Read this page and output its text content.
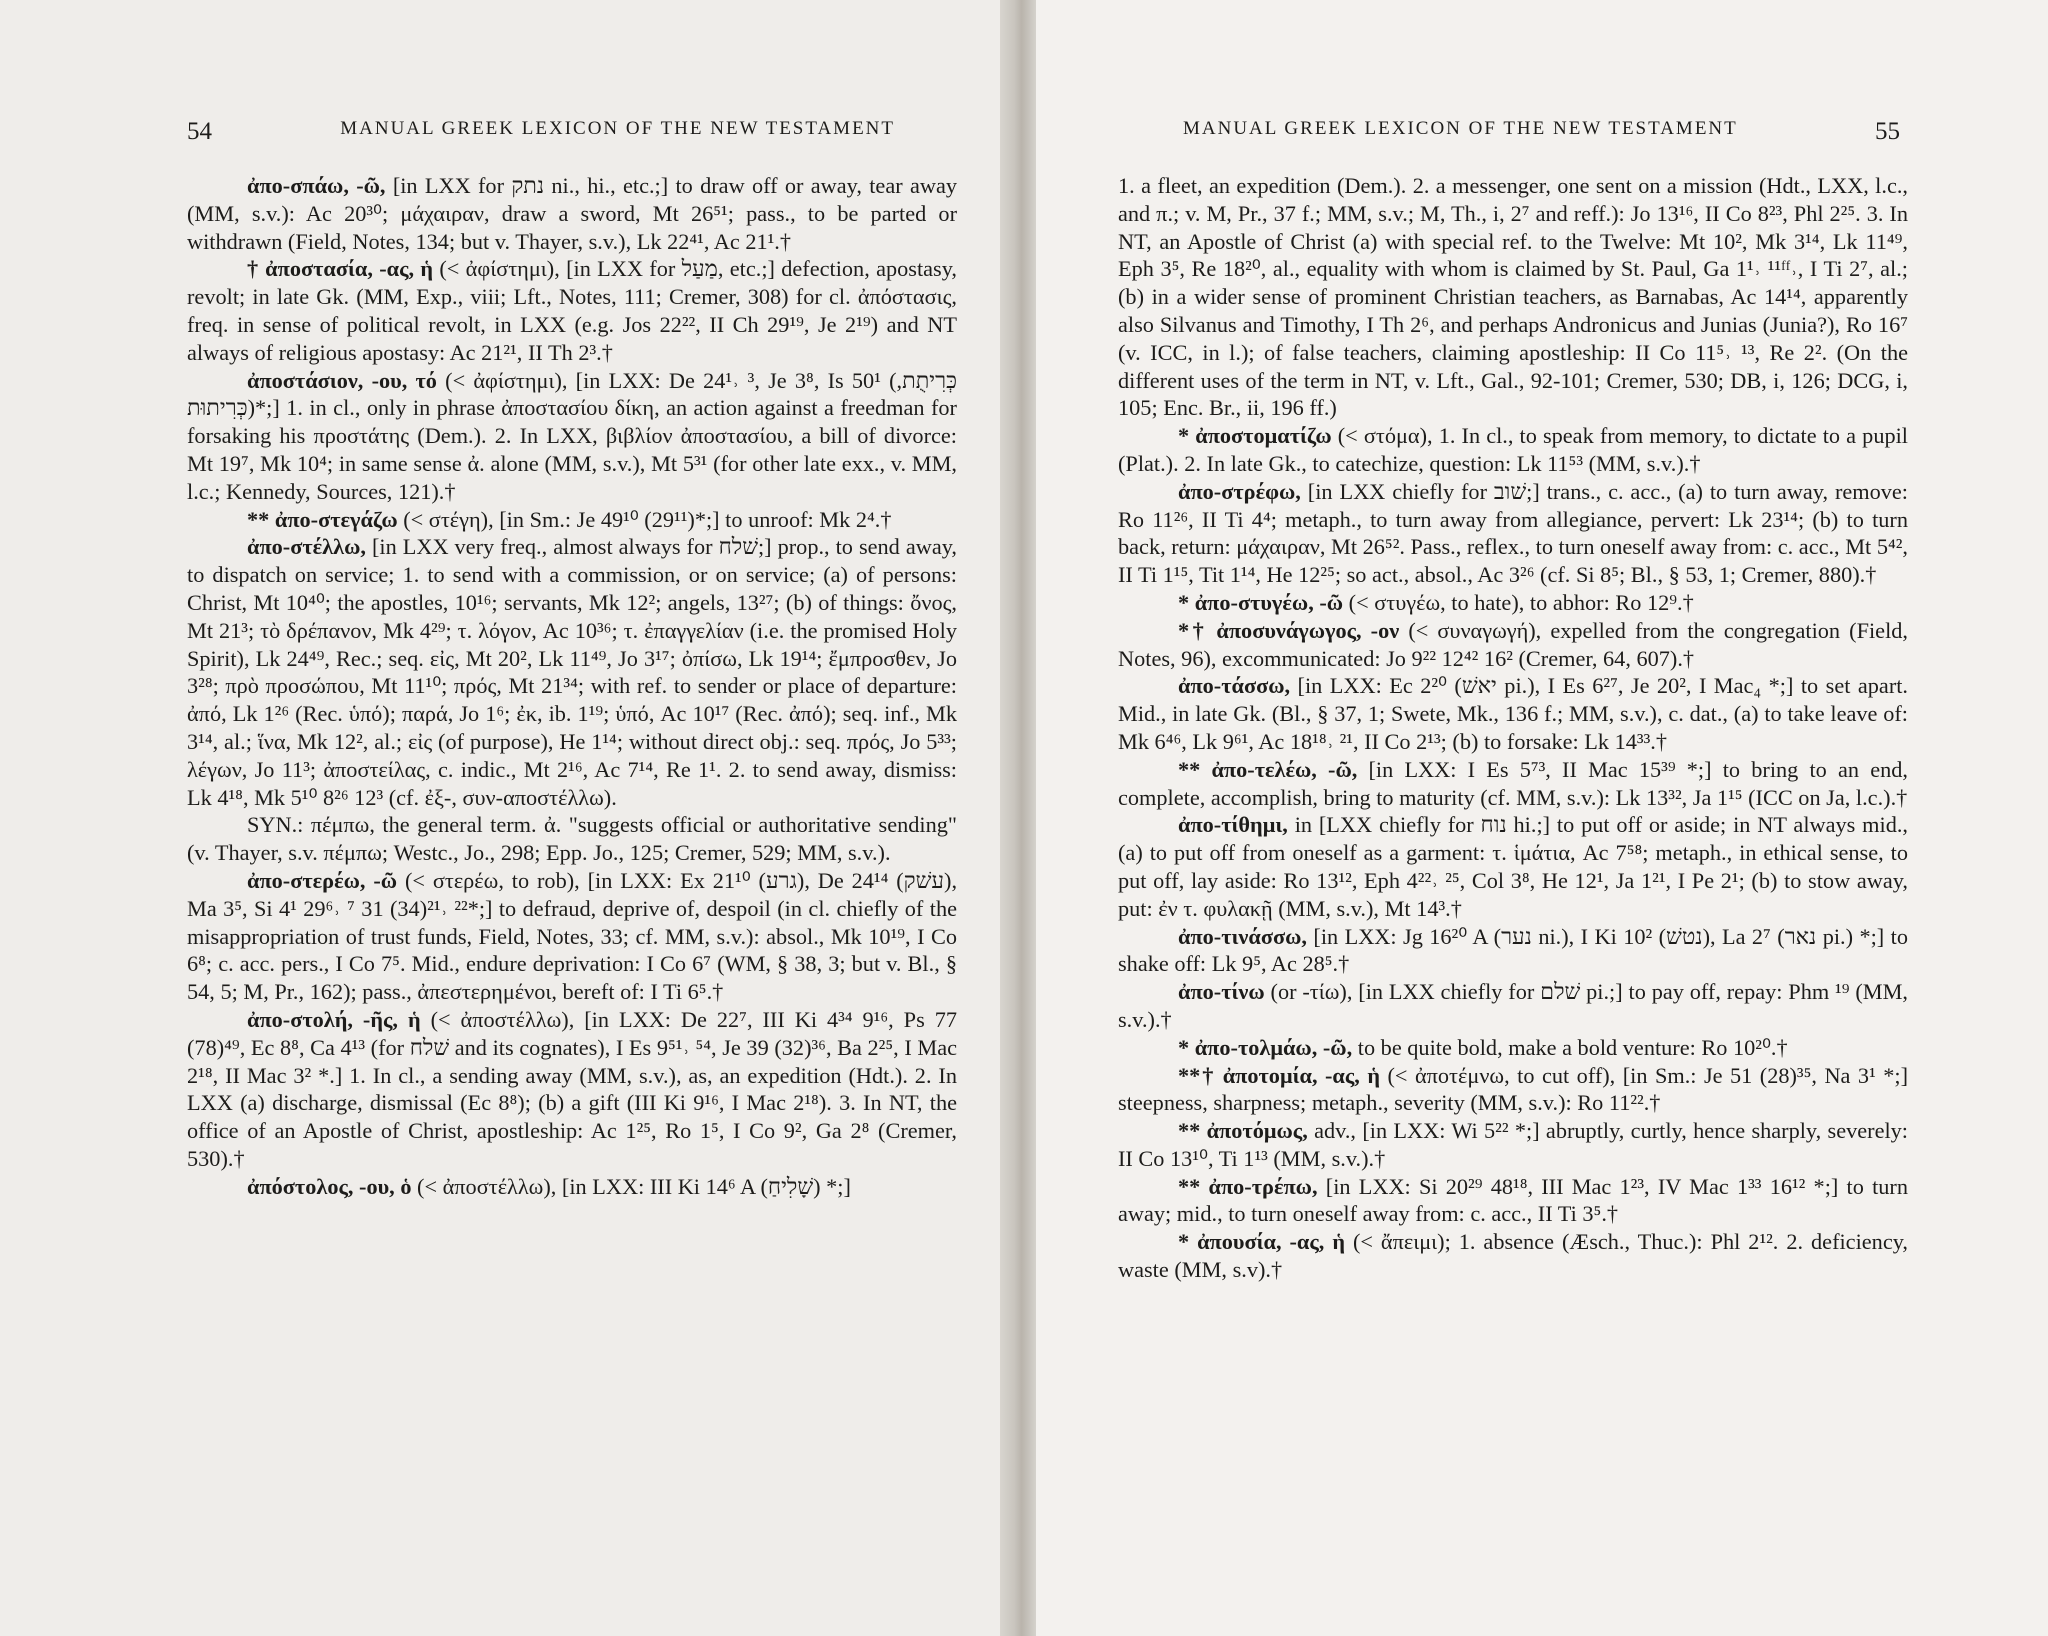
54	MANUAL GREEK LEXICON OF THE NEW TESTAMENT

ἀπο-σπάω, -ῶ, [in LXX for נתק ni., hi., etc.;] to draw off or away, tear away (MM, s.v.): Ac 20³⁰; μάχαιραν, draw a sword, Mt 26⁵¹; pass., to be parted or withdrawn (Field, Notes, 134; but v. Thayer, s.v.), Lk 22⁴¹, Ac 21¹.†

† ἀποστασία, -ας, ἡ (< ἀφίστημι), [in LXX for מַעַל, etc.;] defection, apostasy, revolt; in late Gk. (MM, Exp., viii; Lft., Notes, 111; Cremer, 308) for cl. ἀπόστασις, freq. in sense of political revolt, in LXX (e.g. Jos 22²², II Ch 29¹⁹, Je 2¹⁹) and NT always of religious apostasy: Ac 21²¹, II Th 2³.†

ἀποστάσιον, -ου, τό (< ἀφίστημι), [in LXX: De 24¹˒ ³, Je 3⁸, Is 50¹ (כְּרִיתֻת, כְּרִיתוּת)*;] 1. in cl., only in phrase ἀποστασίου δίκη, an action against a freedman for forsaking his προστάτης (Dem.). 2. In LXX, βιβλίον ἀποστασίου, a bill of divorce: Mt 19⁷, Mk 10⁴; in same sense ἀ. alone (MM, s.v.), Mt 5³¹ (for other late exx., v. MM, l.c.; Kennedy, Sources, 121).†

** ἀπο-στεγάζω (< στέγη), [in Sm.: Je 49¹⁰ (29¹¹)*;] to unroof: Mk 2⁴.†

ἀπο-στέλλω, [in LXX very freq., almost always for שׁלח;] prop., to send away, to dispatch on service; 1. to send with a commission, or on service; (a) of persons: Christ, Mt 10⁴⁰; the apostles, 10¹⁶; servants, Mk 12²; angels, 13²⁷; (b) of things: ὄνος, Mt 21³; τὸ δρέπανον, Mk 4²⁹; τ. λόγον, Ac 10³⁶; τ. ἐπαγγελίαν (i.e. the promised Holy Spirit), Lk 24⁴⁹, Rec.; seq. εἰς, Mt 20², Lk 11⁴⁹, Jo 3¹⁷; ὀπίσω, Lk 19¹⁴; ἔμπροσθεν, Jo 3²⁸; πρὸ προσώπου, Mt 11¹⁰; πρός, Mt 21³⁴; with ref. to sender or place of departure: ἀπό, Lk 1²⁶ (Rec. ὑπό); παρά, Jo 1⁶; ἐκ, ib. 1¹⁹; ὑπό, Ac 10¹⁷ (Rec. ἀπό); seq. inf., Mk 3¹⁴, al.; ἵνα, Mk 12², al.; εἰς (of purpose), He 1¹⁴; without direct obj.: seq. πρός, Jo 5³³; λέγων, Jo 11³; ἀποστείλας, c. indic., Mt 2¹⁶, Ac 7¹⁴, Re 1¹. 2. to send away, dismiss: Lk 4¹⁸, Mk 5¹⁰ 8²⁶ 12³ (cf. ἐξ-, συν-αποστέλλω).

SYN.: πέμπω, the general term. ἀ. "suggests official or authoritative sending" (v. Thayer, s.v. πέμπω; Westc., Jo., 298; Epp. Jo., 125; Cremer, 529; MM, s.v.).

ἀπο-στερέω, -ῶ (< στερέω, to rob), [in LXX: Ex 21¹⁰ (גרע), De 24¹⁴ (עשׁק), Ma 3⁵, Si 4¹ 29⁶˒ ⁷ 31 (34)²¹˒ ²²*;] to defraud, deprive of, despoil (in cl. chiefly of the misappropriation of trust funds, Field, Notes, 33; cf. MM, s.v.): absol., Mk 10¹⁹, I Co 6⁸; c. acc. pers., I Co 7⁵. Mid., endure deprivation: I Co 6⁷ (WM, § 38, 3; but v. Bl., § 54, 5; M, Pr., 162); pass., ἀπεστερημένοι, bereft of: I Ti 6⁵.†

ἀπο-στολή, -ῆς, ἡ (< ἀποστέλλω), [in LXX: De 22⁷, III Ki 4³⁴ 9¹⁶, Ps 77 (78)⁴⁹, Ec 8⁸, Ca 4¹³ (for שׁלח and its cognates), I Es 9⁵¹˒ ⁵⁴, Je 39 (32)³⁶, Ba 2²⁵, I Mac 2¹⁸, II Mac 3² *.] 1. In cl., a sending away (MM, s.v.), as, an expedition (Hdt.). 2. In LXX (a) discharge, dismissal (Ec 8⁸); (b) a gift (III Ki 9¹⁶, I Mac 2¹⁸). 3. In NT, the office of an Apostle of Christ, apostleship: Ac 1²⁵, Ro 1⁵, I Co 9², Ga 2⁸ (Cremer, 530).†

ἀπόστολος, -ου, ὁ (< ἀποστέλλω), [in LXX: III Ki 14⁶ A (שָׁלִיחַ) *;]

MANUAL GREEK LEXICON OF THE NEW TESTAMENT	55

1. a fleet, an expedition (Dem.). 2. a messenger, one sent on a mission (Hdt., LXX, l.c., and π.; v. M, Pr., 37 f.; MM, s.v.; M, Th., i, 2⁷ and reff.): Jo 13¹⁶, II Co 8²³, Phl 2²⁵. 3. In NT, an Apostle of Christ (a) with special ref. to the Twelve: Mt 10², Mk 3¹⁴, Lk 11⁴⁹, Eph 3⁵, Re 18²⁰, al., equality with whom is claimed by St. Paul, Ga 1¹˒ ¹¹ᶠᶠ˒, I Ti 2⁷, al.; (b) in a wider sense of prominent Christian teachers, as Barnabas, Ac 14¹⁴, apparently also Silvanus and Timothy, I Th 2⁶, and perhaps Andronicus and Junias (Junia?), Ro 16⁷ (v. ICC, in l.); of false teachers, claiming apostleship: II Co 11⁵˒ ¹³, Re 2². (On the different uses of the term in NT, v. Lft., Gal., 92-101; Cremer, 530; DB, i, 126; DCG, i, 105; Enc. Br., ii, 196 ff.)

* ἀποστοματίζω (< στόμα), 1. In cl., to speak from memory, to dictate to a pupil (Plat.). 2. In late Gk., to catechize, question: Lk 11⁵³ (MM, s.v.).†

ἀπο-στρέφω, [in LXX chiefly for שׁוב;] trans., c. acc., (a) to turn away, remove: Ro 11²⁶, II Ti 4⁴; metaph., to turn away from allegiance, pervert: Lk 23¹⁴; (b) to turn back, return: μάχαιραν, Mt 26⁵². Pass., reflex., to turn oneself away from: c. acc., Mt 5⁴², II Ti 1¹⁵, Tit 1¹⁴, He 12²⁵; so act., absol., Ac 3²⁶ (cf. Si 8⁵; Bl., § 53, 1; Cremer, 880).†

* ἀπο-στυγέω, -ῶ (< στυγέω, to hate), to abhor: Ro 12⁹.†

*† ἀποσυνάγωγος, -ον (< συναγωγή), expelled from the congregation (Field, Notes, 96), excommunicated: Jo 9²² 12⁴² 16² (Cremer, 64, 607).†

ἀπο-τάσσω, [in LXX: Ec 2²⁰ (יאשׁ pi.), I Es 6²⁷, Je 20², I Mac₄ *;] to set apart. Mid., in late Gk. (Bl., § 37, 1; Swete, Mk., 136 f.; MM, s.v.), c. dat., (a) to take leave of: Mk 6⁴⁶, Lk 9⁶¹, Ac 18¹⁸˒ ²¹, II Co 2¹³; (b) to forsake: Lk 14³³.†

** ἀπο-τελέω, -ῶ, [in LXX: I Es 5⁷³, II Mac 15³⁹ *;] to bring to an end, complete, accomplish, bring to maturity (cf. MM, s.v.): Lk 13³², Ja 1¹⁵ (ICC on Ja, l.c.).†

ἀπο-τίθημι, in [LXX chiefly for נוח hi.;] to put off or aside; in NT always mid., (a) to put off from oneself as a garment: τ. ἱμάτια, Ac 7⁵⁸; metaph., in ethical sense, to put off, lay aside: Ro 13¹², Eph 4²²˒ ²⁵, Col 3⁸, He 12¹, Ja 1²¹, I Pe 2¹; (b) to stow away, put: ἐν τ. φυλακῇ (MM, s.v.), Mt 14³.†

ἀπο-τινάσσω, [in LXX: Jg 16²⁰ A (נער ni.), I Ki 10² (נטשׁ), La 2⁷ (נאר pi.) *;] to shake off: Lk 9⁵, Ac 28⁵.†

ἀπο-τίνω (or -τίω), [in LXX chiefly for שׁלם pi.;] to pay off, repay: Phm ¹⁹ (MM, s.v.).†

* ἀπο-τολμάω, -ῶ, to be quite bold, make a bold venture: Ro 10²⁰.†

**† ἀποτομία, -ας, ἡ (< ἀποτέμνω, to cut off), [in Sm.: Je 51 (28)³⁵, Na 3¹ *;] steepness, sharpness; metaph., severity (MM, s.v.): Ro 11²².†

** ἀποτόμως, adv., [in LXX: Wi 5²² *;] abruptly, curtly, hence sharply, severely: II Co 13¹⁰, Ti 1¹³ (MM, s.v.).†

** ἀπο-τρέπω, [in LXX: Si 20²⁹ 48¹⁸, III Mac 1²³, IV Mac 1³³ 16¹² *;] to turn away; mid., to turn oneself away from: c. acc., II Ti 3⁵.†

* ἀπουσία, -ας, ἡ (< ἄπειμι); 1. absence (Æsch., Thuc.): Phl 2¹². 2. deficiency, waste (MM, s.v).†
